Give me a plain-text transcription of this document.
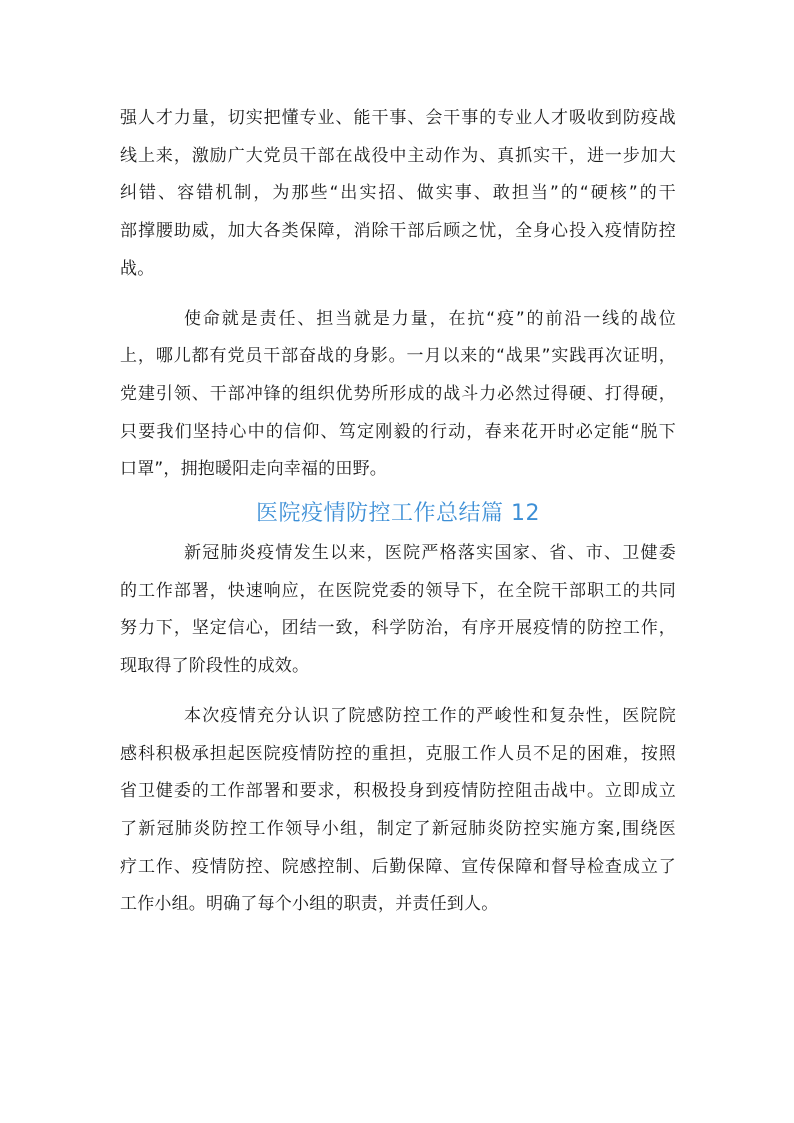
强人才力量，切实把懂专业、能干事、会干事的专业人才吸收到防疫战
线上来，激励广大党员干部在战役中主动作为、真抓实干，进一步加大
纠错、容错机制，为那些“出实招、做实事、敢担当”的“硬核”的干
部撑腰助威，加大各类保障，消除干部后顾之忧，全身心投入疫情防控
战。
使命就是责任、担当就是力量，在抗“疫”的前沿一线的战位
上，哪儿都有党员干部奋战的身影。一月以来的“战果”实践再次证明，
党建引领、干部冲锋的组织优势所形成的战斗力必然过得硬、打得硬，
只要我们坚持心中的信仰、笃定刚毅的行动，春来花开时必定能“脱下
口罩”，拥抱暖阳走向幸福的田野。
医院疫情防控工作总结篇 12
新冠肺炎疫情发生以来，医院严格落实国家、省、市、卫健委
的工作部署，快速响应，在医院党委的领导下，在全院干部职工的共同
努力下，坚定信心，团结一致，科学防治，有序开展疫情的防控工作，
现取得了阶段性的成效。
本次疫情充分认识了院感防控工作的严峻性和复杂性，医院院
感科积极承担起医院疫情防控的重担，克服工作人员不足的困难，按照
省卫健委的工作部署和要求，积极投身到疫情防控阻击战中。立即成立
了新冠肺炎防控工作领导小组，制定了新冠肺炎防控实施方案,围绕医
疗工作、疫情防控、院感控制、后勤保障、宣传保障和督导检查成立了
工作小组。明确了每个小组的职责，并责任到人。
